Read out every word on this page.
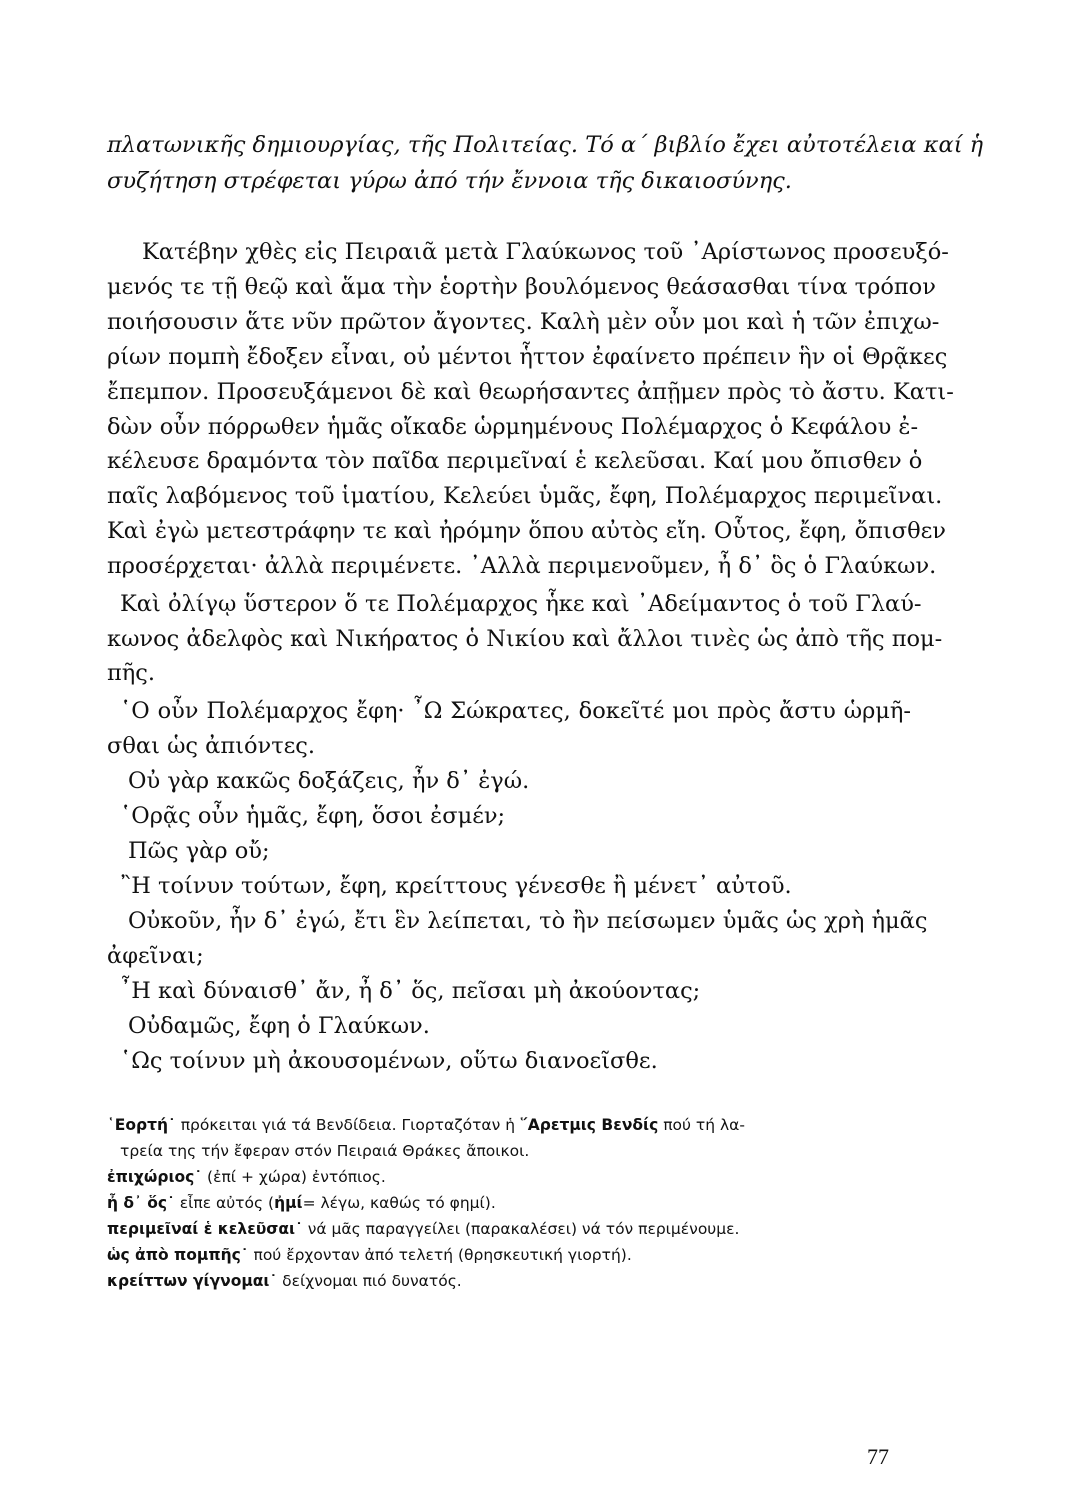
πλατωνικῆς δημιουργίας, τῆς Πολιτείας. Τό α΄ βιβλίο ἔχει αὐτοτέλεια καί ἡ
συζήτηση στρέφεται γύρω ἀπό τήν ἔννοια τῆς δικαιοσύνης.
Κατέβην χθὲς εἰς Πειραιᾶ μετὰ Γλαύκωνος τοῦ ᾿Αρίστωνος προσευξό-
μενός τε τῇ θεῷ καὶ ἅμα τὴν ἑορτὴν βουλόμενος θεάσασθαι τίνα τρόπον
ποιήσουσιν ἅτε νῦν πρῶτον ἄγοντες. Καλὴ μὲν οὖν μοι καὶ ἡ τῶν ἐπιχω-
ρίων πομπὴ ἔδοξεν εἶναι, οὐ μέντοι ἧττον ἐφαίνετο πρέπειν ἣν οἱ Θρᾷκες
ἔπεμπον. Προσευξάμενοι δὲ καὶ θεωρήσαντες ἀπῇμεν πρὸς τὸ ἄστυ. Κατι-
δὼν οὖν πόρρωθεν ἡμᾶς οἴκαδε ὡρμημένους Πολέμαρχος ὁ Κεφάλου ἐ-
κέλευσε δραμόντα τὸν παῖδα περιμεῖναί ἑ κελεῦσαι. Καί μου ὄπισθεν ὁ
παῖς λαβόμενος τοῦ ἱματίου, Κελεύει ὑμᾶς, ἔφη, Πολέμαρχος περιμεῖναι.
Καὶ ἐγὼ μετεστράφην τε καὶ ἠρόμην ὅπου αὐτὸς εἴη. Οὗτος, ἔφη, ὄπισθεν
προσέρχεται· ἀλλὰ περιμένετε. ᾿Αλλὰ περιμενοῦμεν, ἦ δ᾿ ὃς ὁ Γλαύκων.
Καὶ ὀλίγῳ ὕστερον ὅ τε Πολέμαρχος ἧκε καὶ ᾿Αδείμαντος ὁ τοῦ Γλαύ-
κωνος ἀδελφὸς καὶ Νικήρατος ὁ Νικίου καὶ ἄλλοι τινὲς ὡς ἀπὸ τῆς πομ-
πῆς.
῾Ο οὖν Πολέμαρχος ἔφη· ῏Ω Σώκρατες, δοκεῖτέ μοι πρὸς ἄστυ ὡρμῆ-
σθαι ὡς ἀπιόντες.
Οὐ γὰρ κακῶς δοξάζεις, ἦν δ᾿ ἐγώ.
῾Ορᾷς οὖν ἡμᾶς, ἔφη, ὅσοι ἐσμέν;
Πῶς γὰρ οὔ;
῍Η τοίνυν τούτων, ἔφη, κρείττους γένεσθε ἢ μένετ᾿ αὐτοῦ.
Οὐκοῦν, ἦν δ᾿ ἐγώ, ἔτι ἓν λείπεται, τὸ ἢν πείσωμεν ὑμᾶς ὡς χρὴ ἡμᾶς
ἀφεῖναι;
῏Η καὶ δύναισθ᾿ ἄν, ἦ δ᾿ ὅς, πεῖσαι μὴ ἀκούοντας;
Οὐδαμῶς, ἔφη ὁ Γλαύκων.
῾Ως τοίνυν μὴ ἀκουσομένων, οὕτω διανοεῖσθε.
῾Εορτή˙ πρόκειται γιά τά Βενδίδεια. Γιορταζόταν ἡ ῞Αρετμις Βενδίς πού τή λα-
τρεία της τήν ἔφεραν στόν Πειραιά Θράκες ἄποικοι.
ἐπιχώριος˙ (ἐπί + χώρα) ἐντόπιος.
ἦ δ᾿ ὅς˙ εἶπε αὐτός (ἠμί= λέγω, καθώς τό φημί).
περιμεῖναί ἑ κελεῦσαι˙ νά μᾶς παραγγείλει (παρακαλέσει) νά τόν περιμένουμε.
ὡς ἀπὸ πομπῆς˙ πού ἔρχονταν ἀπό τελετή (θρησκευτική γιορτή).
κρείττων γίγνομαι˙ δείχνομαι πιό δυνατός.
77
